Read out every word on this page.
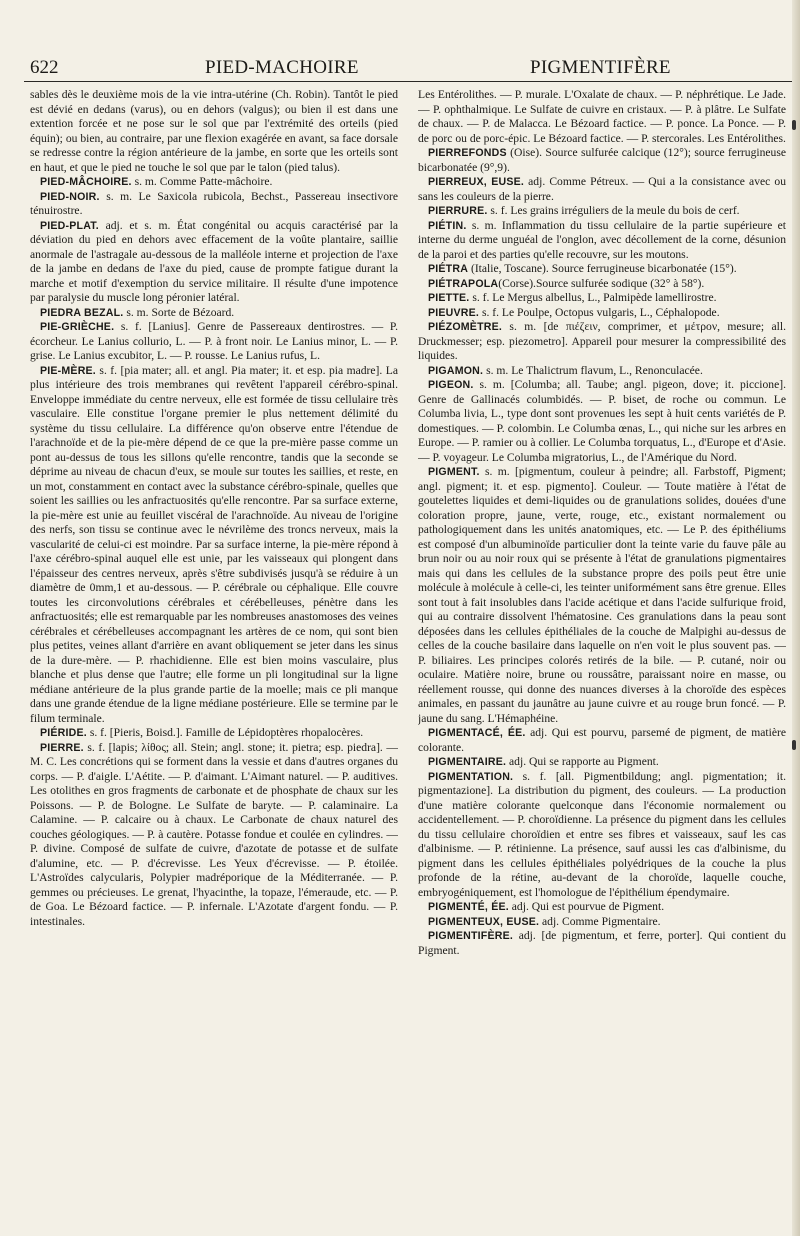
622	PIED-MACHOIRE	PIGMENTIFÈRE

sables dès le deuxième mois de la vie intra-utérine (Ch. Robin). Tantôt le pied est dévié en dedans (varus), ou en dehors (valgus); ou bien il est dans une extention forcée et ne pose sur le sol que par l'extrémité des orteils (pied équin); ou bien, au contraire, par une flexion exagérée en avant, sa face dorsale se redresse contre la région antérieure de la jambe, en sorte que les orteils sont en haut, et que le pied ne touche le sol que par le talon (pied talus).

PIED-MÂCHOIRE. s. m. Comme Patte-mâchoire.

PIED-NOIR. s. m. Le Saxicola rubicola, Bechst., Passereau insectivore ténuirostre.

PIED-PLAT. adj. et s. m. État congénital ou acquis caractérisé par la déviation du pied en dehors avec effacement de la voûte plantaire, saillie anormale de l'astragale au-dessous de la malléole interne et projection de l'axe de la jambe en dedans de l'axe du pied, cause de prompte fatigue durant la marche et motif d'exemption du service militaire. Il résulte d'une impotence par paralysie du muscle long péronier latéral.

PIEDRA BEZAL. s. m. Sorte de Bézoard.

PIE-GRIÈCHE. s. f. [Lanius]. Genre de Passereaux dentirostres. — P. écorcheur. Le Lanius collurio, L. — P. à front noir. Le Lanius minor, L. — P. grise. Le Lanius excubitor, L. — P. rousse. Le Lanius rufus, L.

PIE-MÈRE. s. f. [pia mater; all. et angl. Pia mater; it. et esp. pia madre]. La plus intérieure des trois membranes qui revêtent l'appareil cérébro-spinal. Enveloppe immédiate du centre nerveux, elle est formée de tissu cellulaire très vasculaire. Elle constitue l'organe premier le plus nettement délimité du système du tissu cellulaire. La différence qu'on observe entre l'étendue de l'arachnoïde et de la pie-mère dépend de ce que la pre-mière passe comme un pont au-dessus de tous les sillons qu'elle rencontre, tandis que la seconde se déprime au niveau de chacun d'eux, se moule sur toutes les saillies, et reste, en un mot, constamment en contact avec la substance cérébro-spinale, quelles que soient les saillies ou les anfractuosités qu'elle rencontre. Par sa surface externe, la pie-mère est unie au feuillet viscéral de l'arachnoïde. Au niveau de l'origine des nerfs, son tissu se continue avec le névrilème des troncs nerveux, mais la vascularité de celui-ci est moindre. Par sa surface interne, la pie-mère répond à l'axe cérébro-spinal auquel elle est unie, par les vaisseaux qui plongent dans l'épaisseur des centres nerveux, après s'être subdivisés jusqu'à se réduire à un diamètre de 0mm,1 et au-dessous. — P. cérébrale ou céphalique. Elle couvre toutes les circonvolutions cérébrales et cérébelleuses, pénètre dans les anfractuosités; elle est remarquable par les nombreuses anastomoses des veines cérébrales et cérébelleuses accompagnant les artères de ce nom, qui sont bien plus petites, veines allant d'arrière en avant obliquement se jeter dans les sinus de la dure-mère. — P. rhachidienne. Elle est bien moins vasculaire, plus blanche et plus dense que l'autre; elle forme un pli longitudinal sur la ligne médiane antérieure de la plus grande partie de la moelle; mais ce pli manque dans une grande étendue de la ligne médiane postérieure. Elle se termine par le filum terminale.

PIÉRIDE. s. f. [Pieris, Boisd.]. Famille de Lépidoptères rhopalocères.

PIERRE. s. f. [lapis; λίθος; all. Stein; angl. stone; it. pietra; esp. piedra]. — M. C. Les concrétions qui se forment dans la vessie et dans d'autres organes du corps. — P. d'aigle. L'Aétite. — P. d'aimant. L'Aimant naturel. — P. auditives. Les otolithes en gros fragments de carbonate et de phosphate de chaux sur les Poissons. — P. de Bologne. Le Sulfate de baryte. — P. calaminaire. La Calamine. — P. calcaire ou à chaux. Le Carbonate de chaux naturel des couches géologiques. — P. à cautère. Potasse fondue et coulée en cylindres. — P. divine. Composé de sulfate de cuivre, d'azotate de potasse et de sulfate d'alumine, etc. — P. d'écrevisse. Les Yeux d'écrevisse. — P. étoilée. L'Astroïdes calycularis, Polypier madréporique de la Méditerranée. — P. gemmes ou précieuses. Le grenat, l'hyacinthe, la topaze, l'émeraude, etc. — P. de Goa. Le Bézoard factice. — P. infernale. L'Azotate d'argent fondu. — P. intestinales.

Les Entérolithes. — P. murale. L'Oxalate de chaux. — P. néphrétique. Le Jade. — P. ophthalmique. Le Sulfate de cuivre en cristaux. — P. à plâtre. Le Sulfate de chaux. — P. de Malacca. Le Bézoard factice. — P. ponce. La Ponce. — P. de porc ou de porc-épic. Le Bézoard factice. — P. stercorales. Les Entérolithes.

PIERREFONDS (Oise). Source sulfurée calcique (12°); source ferrugineuse bicarbonatée (9°,9).

PIERREUX, EUSE. adj. Comme Pétreux. — Qui a la consistance avec ou sans les couleurs de la pierre.

PIERRURE. s. f. Les grains irréguliers de la meule du bois de cerf.

PIÉTIN. s. m. Inflammation du tissu cellulaire de la partie supérieure et interne du derme unguéal de l'onglon, avec décollement de la corne, désunion de la paroi et des parties qu'elle recouvre, sur les moutons.

PIÉTRA (Italie, Toscane). Source ferrugineuse bicarbonatée (15°).

PIÉTRAPOLA(Corse).Source sulfurée sodique (32° à 58°).

PIETTE. s. f. Le Mergus albellus, L., Palmipède lamellirostre.

PIEUVRE. s. f. Le Poulpe, Octopus vulgaris, L., Céphalopode.

PIÉZOMÈTRE. s. m. [de πιέζειν, comprimer, et μέτρον, mesure; all. Druckmesser; esp. piezometro]. Appareil pour mesurer la compressibilité des liquides.

PIGAMON. s. m. Le Thalictrum flavum, L., Renonculacée.

PIGEON. s. m. [Columba; all. Taube; angl. pigeon, dove; it. piccione]. Genre de Gallinacés columbidés. — P. biset, de roche ou commun. Le Columba livia, L., type dont sont provenues les sept à huit cents variétés de P. domestiques. — P. colombin. Le Columba œnas, L., qui niche sur les arbres en Europe. — P. ramier ou à collier. Le Columba torquatus, L., d'Europe et d'Asie. — P. voyageur. Le Columba migratorius, L., de l'Amérique du Nord.

PIGMENT. s. m. [pigmentum, couleur à peindre; all. Farbstoff, Pigment; angl. pigment; it. et esp. pigmento]. Couleur. — Toute matière à l'état de goutelettes liquides et demi-liquides ou de granulations solides, douées d'une coloration propre, jaune, verte, rouge, etc., existant normalement ou pathologiquement dans les unités anatomiques, etc. — Le P. des épithéliums est composé d'un albuminoïde particulier dont la teinte varie du fauve pâle au brun noir ou au noir roux qui se présente à l'état de granulations pigmentaires mais qui dans les cellules de la substance propre des poils peut être unie molécule à molécule à celle-ci, les teinter uniformément sans être grenue. Elles sont tout à fait insolubles dans l'acide acétique et dans l'acide sulfurique froid, qui au contraire dissolvent l'hématosine. Ces granulations dans la peau sont déposées dans les cellules épithéliales de la couche de Malpighi au-dessus de celles de la couche basilaire dans laquelle on n'en voit le plus souvent pas. — P. biliaires. Les principes colorés retirés de la bile. — P. cutané, noir ou oculaire. Matière noire, brune ou roussâtre, paraissant noire en masse, ou réellement rousse, qui donne des nuances diverses à la choroïde des espèces animales, en passant du jaunâtre au jaune cuivre et au rouge brun foncé. — P. jaune du sang. L'Hémaphéine.

PIGMENTACÉ, ÉE. adj. Qui est pourvu, parsemé de pigment, de matière colorante.

PIGMENTAIRE. adj. Qui se rapporte au Pigment.

PIGMENTATION. s. f. [all. Pigmentbildung; angl. pigmentation; it. pigmentazione]. La distribution du pigment, des couleurs. — La production d'une matière colorante quelconque dans l'économie normalement ou accidentellement. — P. choroïdienne. La présence du pigment dans les cellules du tissu cellulaire choroïdien et entre ses fibres et vaisseaux, sauf les cas d'albinisme. — P. rétinienne. La présence, sauf aussi les cas d'albinisme, du pigment dans les cellules épithéliales polyédriques de la couche la plus profonde de la rétine, au-devant de la choroïde, laquelle couche, embryogéniquement, est l'homologue de l'épithélium épendymaire.

PIGMENTÉ, ÉE. adj. Qui est pourvue de Pigment.

PIGMENTEUX, EUSE. adj. Comme Pigmentaire.

PIGMENTIFÈRE. adj. [de pigmentum, et ferre, porter]. Qui contient du Pigment.
